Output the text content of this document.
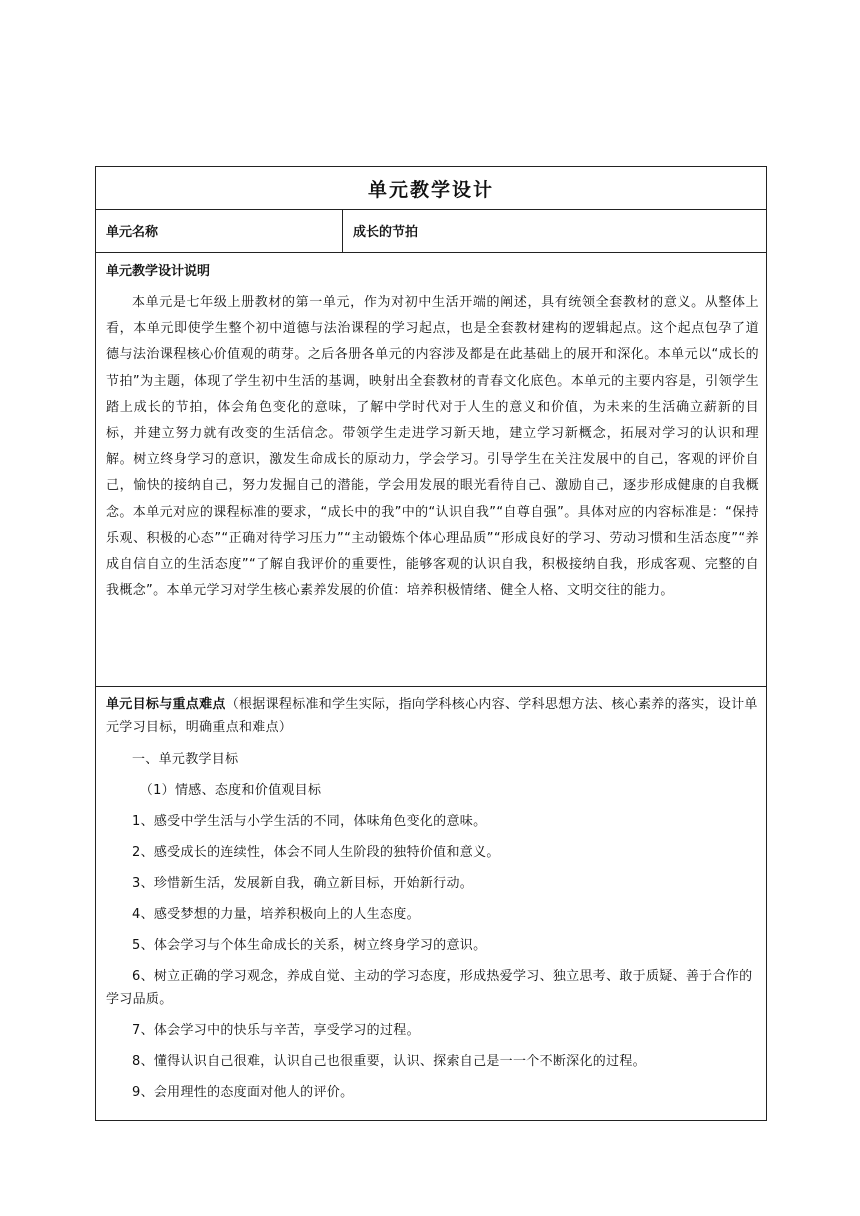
单元教学设计
单元名称	成长的节拍
单元教学设计说明

本单元是七年级上册教材的第一单元，作为对初中生活开端的阐述，具有统领全套教材的意义。从整体上看，本单元即使学生整个初中道德与法治课程的学习起点，也是全套教材建构的逻辑起点。这个起点包孕了道德与法治课程核心价值观的萌芽。之后各册各单元的内容涉及都是在此基础上的展开和深化。本单元以“成长的节拍”为主题，体现了学生初中生活的基调，映射出全套教材的青春文化底色。本单元的主要内容是，引领学生踏上成长的节拍，体会角色变化的意味，了解中学时代对于人生的意义和价值，为未来的生活确立薪新的目标，并建立努力就有改变的生活信念。带领学生走进学习新天地，建立学习新概念，拓展对学习的认识和理解。树立终身学习的意识，激发生命成长的原动力，学会学习。引导学生在关注发展中的自己，客观的评价自己，愉快的接纳自己，努力发掘自己的潜能，学会用发展的眼光看待自己、激励自己，逐步形成健康的自我概念。本单元对应的课程标准的要求，“成长中的我”中的“认识自我”“自尊自强”。具体对应的内容标准是：“保持乐观、积极的心态”“正确对待学习压力”“主动锻炼个体心理品质”“形成良好的学习、劳动习惯和生活态度”“养成自信自立的生活态度”“了解自我评价的重要性，能够客观的认识自我，积极接纳自我，形成客观、完整的自我概念”。本单元学习对学生核心素养发展的价值：培养积极情绪、健全人格、文明交往的能力。

单元目标与重点难点（根据课程标准和学生实际，指向学科核心内容、学科思想方法、核心素养的落实，设计单元学习目标，明确重点和难点）

一、单元教学目标

（1）情感、态度和价值观目标

1、感受中学生活与小学生活的不同，体味角色变化的意味。

2、感受成长的连续性，体会不同人生阶段的独特价值和意义。

3、珍惜新生活，发展新自我，确立新目标，开始新行动。

4、感受梦想的力量，培养积极向上的人生态度。

5、体会学习与个体生命成长的关系，树立终身学习的意识。

6、树立正确的学习观念，养成自觉、主动的学习态度，形成热爱学习、独立思考、敢于质疑、善于合作的学习品质。

7、体会学习中的快乐与辛苦，享受学习的过程。

8、懂得认识自己很难，认识自己也很重要，认识、探索自己是一一个不断深化的过程。

9、会用理性的态度面对他人的评价。
